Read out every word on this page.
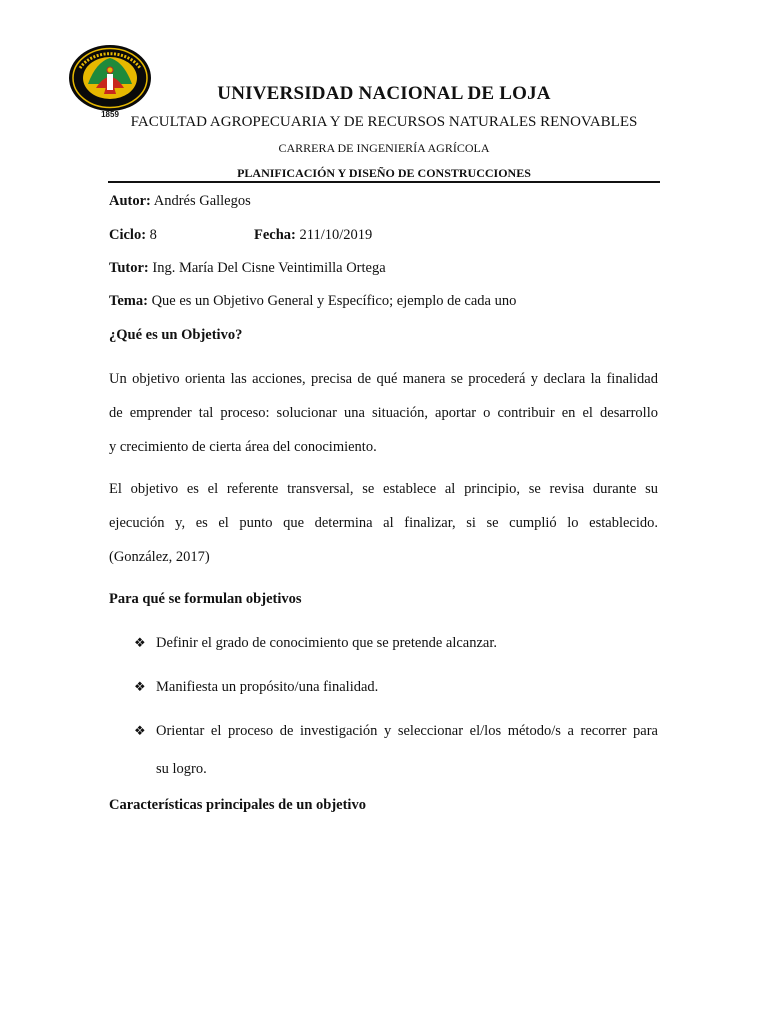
1859
UNIVERSIDAD NACIONAL DE LOJA
FACULTAD AGROPECUARIA Y DE RECURSOS NATURALES RENOVABLES
CARRERA DE INGENIERÍA AGRÍCOLA
PLANIFICACIÓN Y DISEÑO DE CONSTRUCCIONES
Autor: Andrés Gallegos
Ciclo: 8	Fecha: 211/10/2019
Tutor: Ing. María Del Cisne Veintimilla Ortega
Tema: Que es un Objetivo General y Específico; ejemplo de cada uno
¿Qué es un Objetivo?
Un objetivo orienta las acciones, precisa de qué manera se procederá y declara la finalidad
de emprender tal proceso: solucionar una situación, aportar o contribuir en el desarrollo
y crecimiento de cierta área del conocimiento.
El objetivo es el referente transversal, se establece al principio, se revisa durante su
ejecución y, es el punto que determina al finalizar, si se cumplió lo establecido.
(González, 2017)
Para qué se formulan objetivos
❖ Definir el grado de conocimiento que se pretende alcanzar.
❖ Manifiesta un propósito/una finalidad.
❖ Orientar el proceso de investigación y seleccionar el/los método/s a recorrer para
su logro.
Características principales de un objetivo
